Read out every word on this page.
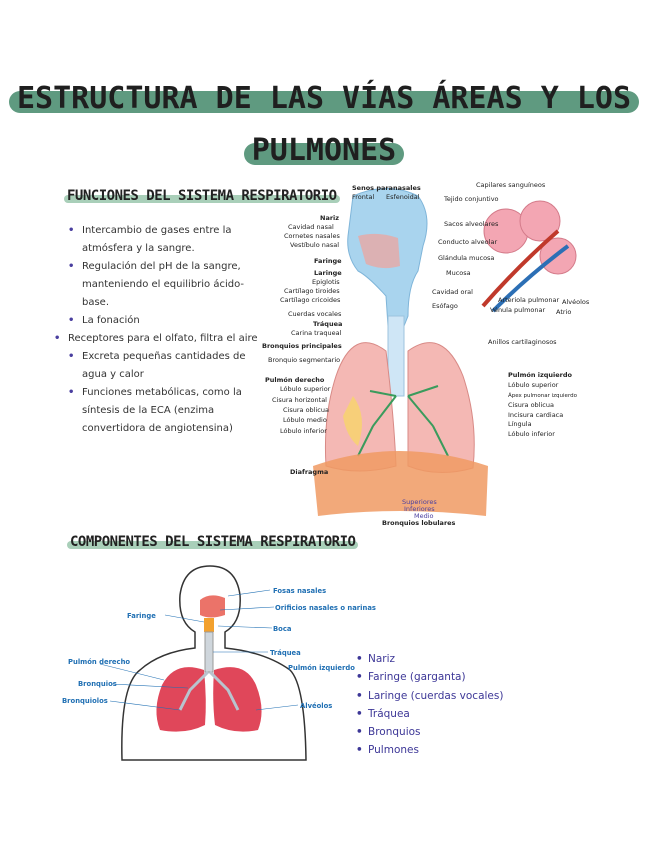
ESTRUCTURA DE LAS VÍAS ÁREAS Y LOS
PULMONES
FUNCIONES DEL SISTEMA RESPIRATORIO
• Intercambio de gases entre la atmósfera y la sangre.
• Regulación del pH de la sangre, manteniendo el equilibrio ácido-base.
• La fonación
• Receptores para el olfato, filtra el aire
• Excreta pequeñas cantidades de agua y calor
• Funciones metabólicas, como la síntesis de la ECA (enzima convertidora de angiotensina)
Senos paranasales
Frontal Esfenoidal
Nariz
Cavidad nasal
Cornetes nasales
Vestíbulo nasal
Faringe
Laringe
Epiglotis
Cartílago tiroides
Cartílago cricoides
Cuerdas vocales
Tráquea
Carina traqueal
Bronquios principales
Bronquio segmentario
Pulmón derecho
Lóbulo superior
Cisura horizontal
Cisura oblicua
Lóbulo medio
Lóbulo inferior
Diafragma
Cavidad oral
Esófago
Anillos cartilaginosos
Pulmón izquierdo
Lóbulo superior
Ápex pulmonar izquierdo
Cisura oblicua
Incisura cardiaca
Língula
Lóbulo inferior
Superiores
Inferiores
Medio
Bronquios lobulares
Capilares sanguíneos
Tejido conjuntivo
Sacos alveolares
Conducto alveolar
Glándula mucosa
Mucosa
Arteriola pulmonar
Vénula pulmonar
Alvéolos
Atrio
COMPONENTES DEL SISTEMA RESPIRATORIO
Fosas nasales
Orificios nasales o narinas
Boca
Faringe
Tráquea
Pulmón izquierdo
Pulmón derecho
Bronquios
Bronquiolos
Alvéolos
• Nariz
• Faringe (garganta)
• Laringe (cuerdas vocales)
• Tráquea
• Bronquios
• Pulmones
